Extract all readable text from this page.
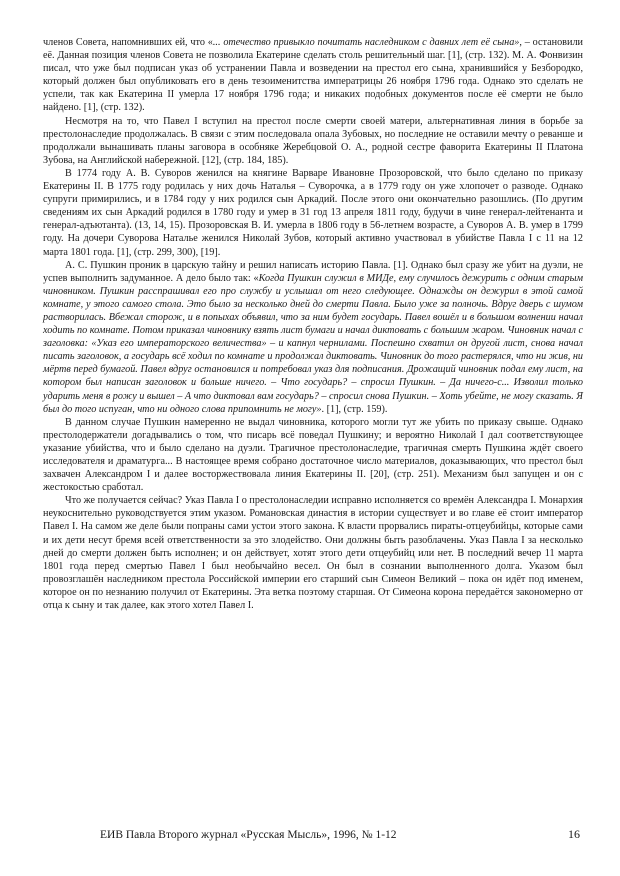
членов Совета, напомнивших ей, что «... отечество привыкло почитать наследником с давних лет её сына», – остановили её. Данная позиция членов Совета не позволила Екатерине сделать столь решительный шаг. [1], (стр. 132). М. А. Фонвизин писал, что уже был подписан указ об устранении Павла и возведении на престол его сына, хранившийся у Безбородко, который должен был опубликовать его в день тезоименитства императрицы 26 ноября 1796 года. Однако это сделать не успели, так как Екатерина II умерла 17 ноября 1796 года; и никаких подобных документов после её смерти не было найдено. [1], (стр. 132).

Несмотря на то, что Павел I вступил на престол после смерти своей матери, альтернативная линия в борьбе за престолонаследие продолжалась. В связи с этим последовала опала Зубовых, но последние не оставили мечту о реванше и продолжали вынашивать планы заговора в особняке Жеребцовой О. А., родной сестре фаворита Екатерины II Платона Зубова, на Английской набережной. [12], (стр. 184, 185).

В 1774 году А. В. Суворов женился на княгине Варваре Ивановне Прозоровской, что было сделано по приказу Екатерины II. В 1775 году родилась у них дочь Наталья – Суворочка, а в 1779 году он уже хлопочет о разводе. Однако супруги примирились, и в 1784 году у них родился сын Аркадий. После этого они окончательно разошлись. (По другим сведениям их сын Аркадий родился в 1780 году и умер в 31 год 13 апреля 1811 году, будучи в чине генерал-лейтенанта и генерал-адъютанта). (13, 14, 15). Прозоровская В. И. умерла в 1806 году в 56-летнем возрасте, а Суворов А. В. умер в 1799 году. На дочери Суворова Натальe женился Николай Зубов, который активно участвовал в убийстве Павла I с 11 на 12 марта 1801 года. [1], (стр. 299, 300), [19].

А. С. Пушкин проник в царскую тайну и решил написать историю Павла. [1]. Однако был сразу же убит на дуэли, не успев выполнить задуманное. А дело было так: «Когда Пушкин служил в МИДе, ему случилось дежурить с одним старым чиновником. Пушкин расспрашивал его про службу и услышал от него следующее. Однажды он дежурил в этой самой комнате, у этого самого стола. Это было за несколько дней до смерти Павла. Было уже за полночь. Вдруг дверь с шумом растворилась. Вбежал сторож, и в попыхах объявил, что за ним будет государь. Павел вошёл и в большом волнении начал ходить по комнате. Потом приказал чиновнику взять лист бумаги и начал диктовать с большим жаром. Чиновник начал с заголовка: «Указ его императорского величества» – и капнул чернилами. Поспешно схватил он другой лист, снова начал писать заголовок, а государь всё ходил по комнате и продолжал диктовать. Чиновник до того растерялся, что ни жив, ни мёртв перед бумагой. Павел вдруг остановился и потребовал указ для подписания. Дрожащий чиновник подал ему лист, на котором был написан заголовок и больше ничего. – Что государь? – спросил Пушкин. – Да ничего-с... Изволил только ударить меня в рожу и вышел – А что диктовал вам государь? – спросил снова Пушкин. – Хоть убейте, не могу сказать. Я был до того испуган, что ни одного слова припомнить не могу». [1], (стр. 159).

В данном случае Пушкин намеренно не выдал чиновника, которого могли тут же убить по приказу свыше. Однако престолодержатели догадывались о том, что писарь всё поведал Пушкину; и вероятно Николай I дал соответствующее указание убийства, что и было сделано на дуэли. Трагичное престолонаследие, трагичная смерть Пушкина ждёт своего исследователя и драматурга... В настоящее время собрано достаточное число материалов, доказывающих, что престол был захвачен Александром I и далее восторжествовала линия Екатерины II. [20], (стр. 251). Механизм был запущен и он с жестокостью сработал.

Что же получается сейчас? Указ Павла I о престолонаследии исправно исполняется со времён Александра I. Монархия неукоснительно руководствуется этим указом. Романовская династия в истории существует и во главе её стоит император Павел I. На самом же деле были попраны сами устои этого закона. К власти прорвались пираты-отцеубийцы, которые сами и их дети несут бремя всей ответственности за это злодейство. Они должны быть разоблачены. Указ Павла I за несколько дней до смерти должен быть исполнен; и он действует, хотят этого дети отцеубийц или нет. В последний вечер 11 марта 1801 года перед смертью Павел I был необычайно весел. Он был в сознании выполненного долга. Указом был провозглашён наследником престола Российской империи его старший сын Симеон Великий – пока он идёт под именем, которое он по незнанию получил от Екатерины. Эта ветка поэтому старшая. От Симеона корона передаётся закономерно от отца к сыну и так далее, как этого хотел Павел I.

ЕИВ Павла Второго журнал «Русская Мысль», 1996, № 1-12	16
